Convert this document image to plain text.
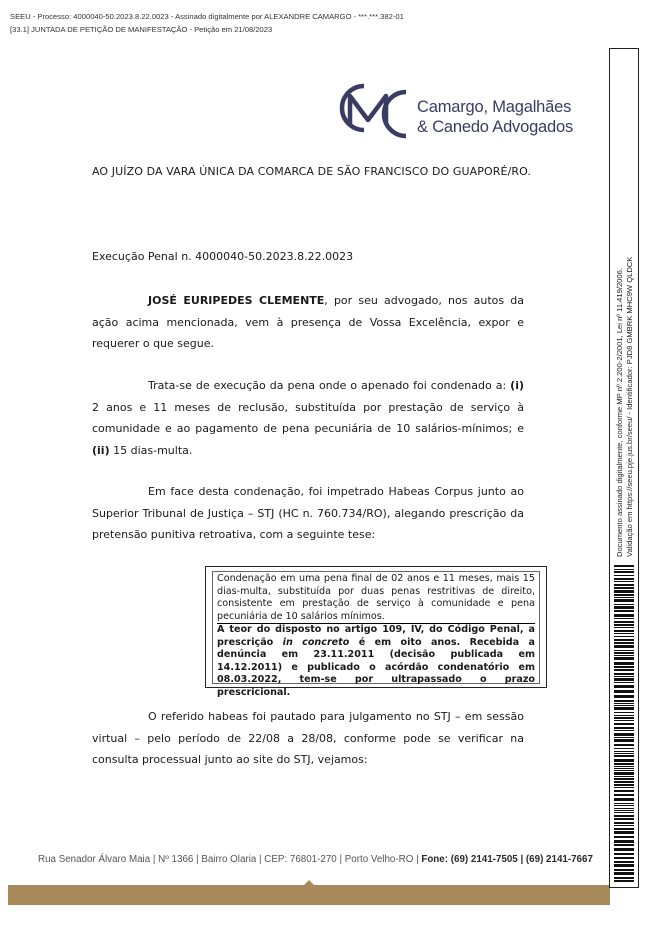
SEEU - Processo: 4000040-50.2023.8.22.0023 - Assinado digitalmente por ALEXANDRE CAMARGO - ***.***.382-01
[33.1] JUNTADA DE PETIÇÃO DE MANIFESTAÇÃO - Petição em 21/08/2023
Camargo, Magalhães
& Canedo Advogados
AO JUÍZO DA VARA ÚNICA DA COMARCA DE SÃO FRANCISCO DO GUAPORÉ/RO.
Execução Penal n. 4000040-50.2023.8.22.0023

JOSÉ EURIPEDES CLEMENTE, por seu advogado, nos autos da ação acima mencionada, vem à presença de Vossa Excelência, expor e requerer o que segue.

Trata-se de execução da pena onde o apenado foi condenado a: (i) 2 anos e 11 meses de reclusão, substituída por prestação de serviço à comunidade e ao pagamento de pena pecuniária de 10 salários-mínimos; e (ii) 15 dias-multa.

Em face desta condenação, foi impetrado Habeas Corpus junto ao Superior Tribunal de Justiça – STJ (HC n. 760.734/RO), alegando prescrição da pretensão punitiva retroativa, com a seguinte tese:

Condenação em uma pena final de 02 anos e 11 meses, mais 15 dias-multa, substituída por duas penas restritivas de direito, consistente em prestação de serviço à comunidade e pena pecuniária de 10 salários mínimos.

A teor do disposto no artigo 109, IV, do Código Penal, a prescrição in concreto é em oito anos. Recebida a denúncia em 23.11.2011 (decisão publicada em 14.12.2011) e publicado o acórdão condenatório em 08.03.2022, tem-se por ultrapassado o prazo prescricional.

O referido habeas foi pautado para julgamento no STJ – em sessão virtual – pelo período de 22/08 a 28/08, conforme pode se verificar na consulta processual junto ao site do STJ, vejamos:

Rua Senador Álvaro Maia | Nº 1366 | Bairro Olaria | CEP: 76801-270 | Porto Velho-RO | Fone: (69) 2141-7505 | (69) 2141-7667
Documento assinado digitalmente, conforme MP nº 2.200-2/2001, Lei nº 11.419/2006. Validação em https://seeu.pje.jus.br/seeu/ - Identificador: PJD8 GMBRK MHC9W QLDCK
